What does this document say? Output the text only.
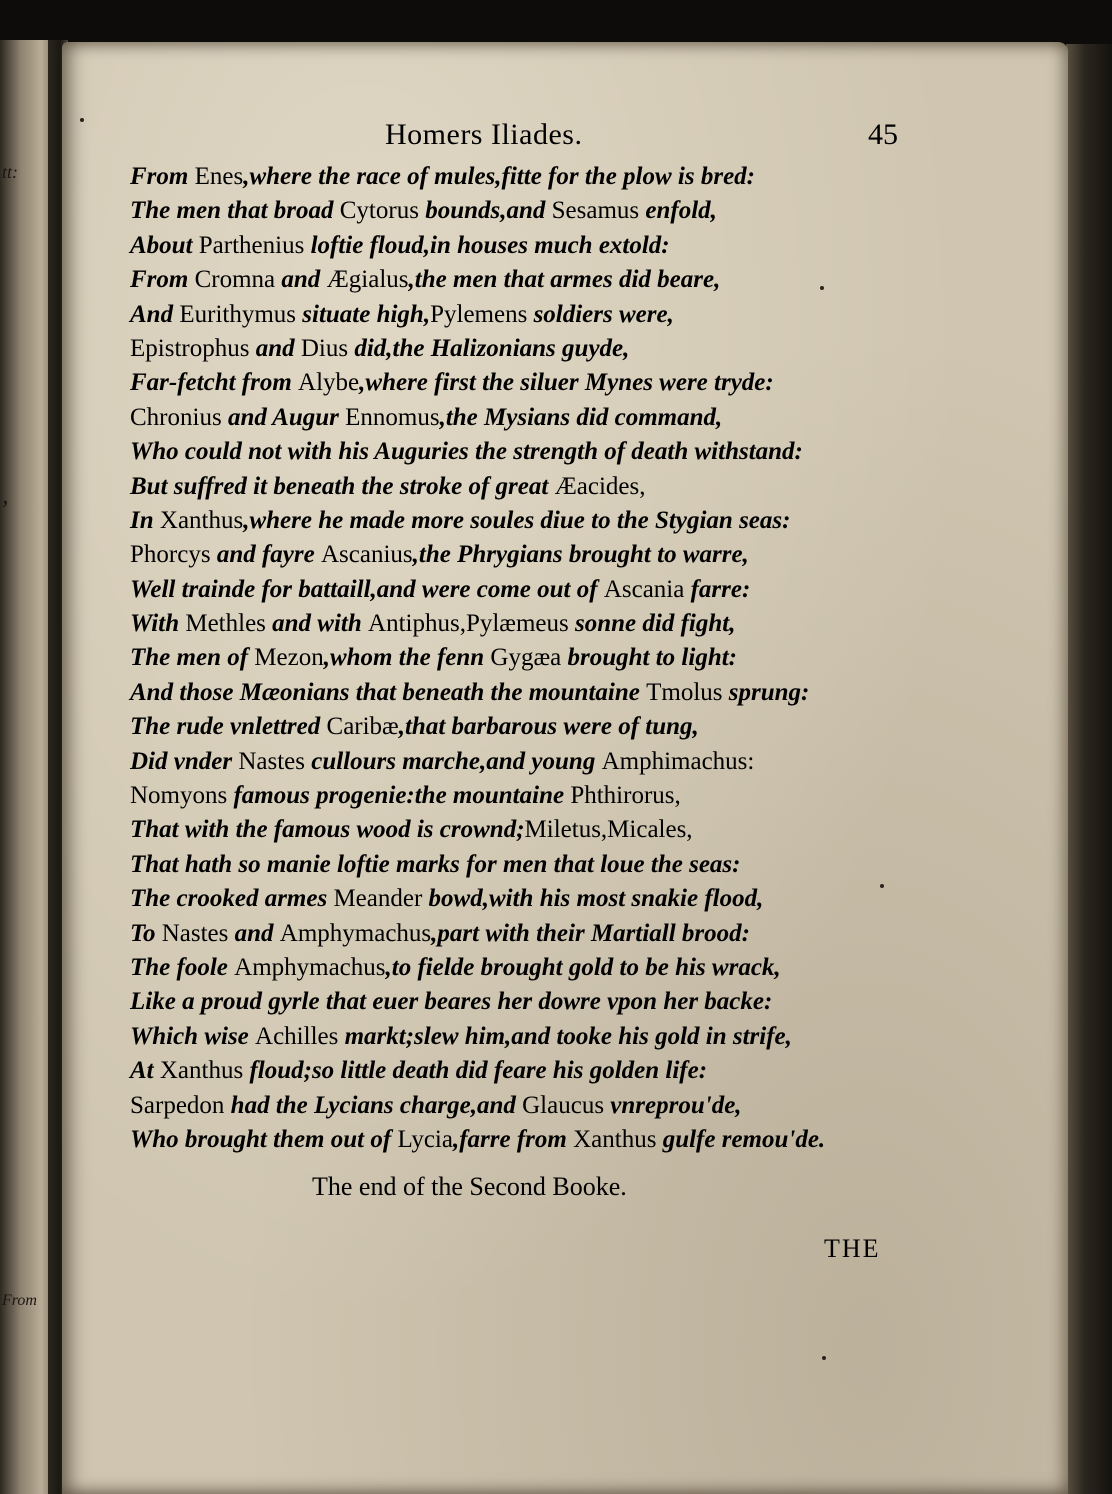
tt:
,
From
Homers Iliades.	45
From Enes,where the race of mules,fitte for the plow is bred:
The men that broad Cytorus bounds,and Sesamus enfold,
About Parthenius loftie floud,in houses much extold:
From Cromna and Ægialus,the men that armes did beare,
And Eurithymus situate high,Pylemens soldiers were,
Epistrophus and Dius did,the Halizonians guyde,
Far-fetcht from Alybe,where first the siluer Mynes were tryde:
Chronius and Augur Ennomus,the Mysians did command,
Who could not with his Auguries the strength of death withstand:
But suffred it beneath the stroke of great Æacides,
In Xanthus,where he made more soules diue to the Stygian seas:
Phorcys and fayre Ascanius,the Phrygians brought to warre,
Well trainde for battaill,and were come out of Ascania farre:
With Methles and with Antiphus,Pylæmeus sonne did fight,
The men of Mezon,whom the fenn Gygæa brought to light:
And those Mæonians that beneath the mountaine Tmolus sprung:
The rude vnlettred Caribæ,that barbarous were of tung,
Did vnder Nastes cullours marche,and young Amphimachus:
Nomyons famous progenie:the mountaine Phthirorus,
That with the famous wood is crownd;Miletus,Micales,
That hath so manie loftie marks for men that loue the seas:
The crooked armes Meander bowd,with his most snakie flood,
To Nastes and Amphymachus,part with their Martiall brood:
The foole Amphymachus,to fielde brought gold to be his wrack,
Like a proud gyrle that euer beares her dowre vpon her backe:
Which wise Achilles markt;slew him,and tooke his gold in strife,
At Xanthus floud;so little death did feare his golden life:
Sarpedon had the Lycians charge,and Glaucus vnreprou'de,
Who brought them out of Lycia,farre from Xanthus gulfe remou'de.
The end of the Second Booke.
THE
